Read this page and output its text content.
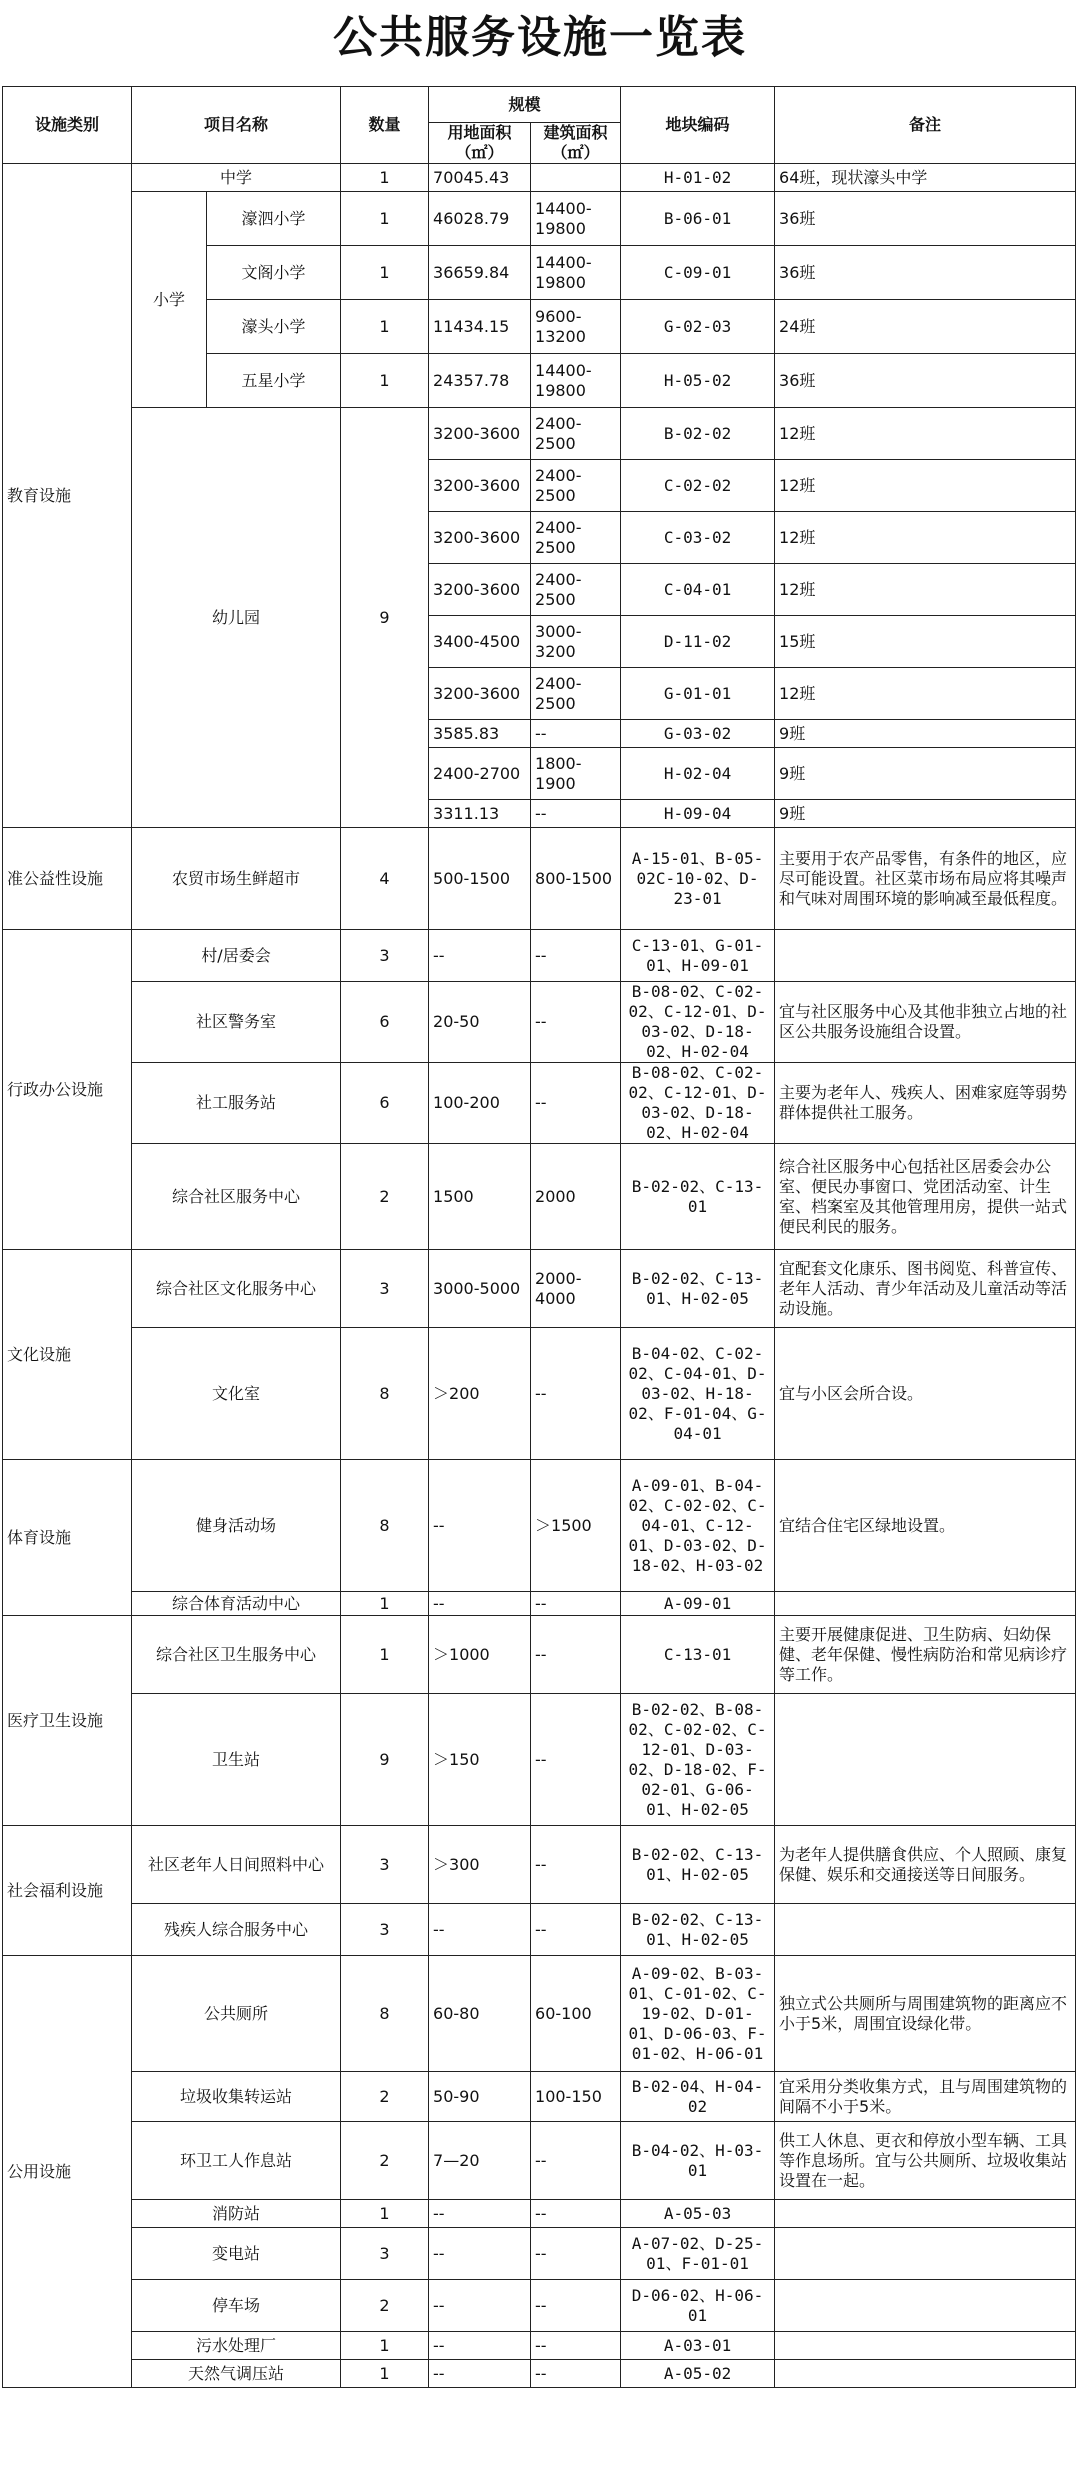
公共服务设施一览表
设施类别	项目名称		数量	规模		地块编码	备注
				用地面积（㎡）	建筑面积（㎡）		
教育设施	中学		1	70045.43		H-01-02	64班，现状濠头中学
	小学	濠泗小学	1	46028.79	14400-19800	B-06-01	36班
		文阁小学	1	36659.84	14400-19800	C-09-01	36班
		濠头小学	1	11434.15	9600-13200	G-02-03	24班
		五星小学	1	24357.78	14400-19800	H-05-02	36班
	幼儿园		9	3200-3600	2400-2500	B-02-02	12班
				3200-3600	2400-2500	C-02-02	12班
				3200-3600	2400-2500	C-03-02	12班
				3200-3600	2400-2500	C-04-01	12班
				3400-4500	3000-3200	D-11-02	15班
				3200-3600	2400-2500	G-01-01	12班
				3585.83	--	G-03-02	9班
				2400-2700	1800-1900	H-02-04	9班
				3311.13	--	H-09-04	9班
准公益性设施	农贸市场生鲜超市		4	500-1500	800-1500	A-15-01、B-05-02C-10-02、D-23-01	主要用于农产品零售，有条件的地区，应尽可能设置。社区菜市场布局应将其噪声和气味对周围环境的影响减至最低程度。
行政办公设施	村/居委会		3	--	--	C-13-01、G-01-01、H-09-01	
	社区警务室		6	20-50	--	B-08-02、C-02-02、C-12-01、D-03-02、D-18-02、H-02-04	宜与社区服务中心及其他非独立占地的社区公共服务设施组合设置。
	社工服务站		6	100-200	--	B-08-02、C-02-02、C-12-01、D-03-02、D-18-02、H-02-04	主要为老年人、残疾人、困难家庭等弱势群体提供社工服务。
	综合社区服务中心		2	1500	2000	B-02-02、C-13-01	综合社区服务中心包括社区居委会办公室、便民办事窗口、党团活动室、计生室、档案室及其他管理用房，提供一站式便民利民的服务。
文化设施	综合社区文化服务中心		3	3000-5000	2000-4000	B-02-02、C-13-01、H-02-05	宜配套文化康乐、图书阅览、科普宣传、老年人活动、青少年活动及儿童活动等活动设施。
	文化室		8	＞200	--	B-04-02、C-02-02、C-04-01、D-03-02、H-18-02、F-01-04、G-04-01	宜与小区会所合设。
体育设施	健身活动场		8	--	＞1500	A-09-01、B-04-02、C-02-02、C-04-01、C-12-01、D-03-02、D-18-02、H-03-02	宜结合住宅区绿地设置。
	综合体育活动中心		1	--	--	A-09-01	
医疗卫生设施	综合社区卫生服务中心		1	＞1000	--	C-13-01	主要开展健康促进、卫生防病、妇幼保健、老年保健、慢性病防治和常见病诊疗等工作。
	卫生站		9	＞150	--	B-02-02、B-08-02、C-02-02、C-12-01、D-03-02、D-18-02、F-02-01、G-06-01、H-02-05	
社会福利设施	社区老年人日间照料中心		3	＞300	--	B-02-02、C-13-01、H-02-05	为老年人提供膳食供应、个人照顾、康复保健、娱乐和交通接送等日间服务。
	残疾人综合服务中心		3	--	--	B-02-02、C-13-01、H-02-05	
公用设施	公共厕所		8	60-80	60-100	A-09-02、B-03-01、C-01-02、C-19-02、D-01-01、D-06-03、F-01-02、H-06-01	独立式公共厕所与周围建筑物的距离应不小于5米，周围宜设绿化带。
	垃圾收集转运站		2	50-90	100-150	B-02-04、H-04-02	宜采用分类收集方式，且与周围建筑物的间隔不小于5米。
	环卫工人作息站		2	7—20	--	B-04-02、H-03-01	供工人休息、更衣和停放小型车辆、工具等作息场所。宜与公共厕所、垃圾收集站设置在一起。
	消防站		1	--	--	A-05-03	
	变电站		3	--	--	A-07-02、D-25-01、F-01-01	
	停车场		2	--	--	D-06-02、H-06-01	
	污水处理厂		1	--	--	A-03-01	
	天然气调压站		1	--	--	A-05-02	
